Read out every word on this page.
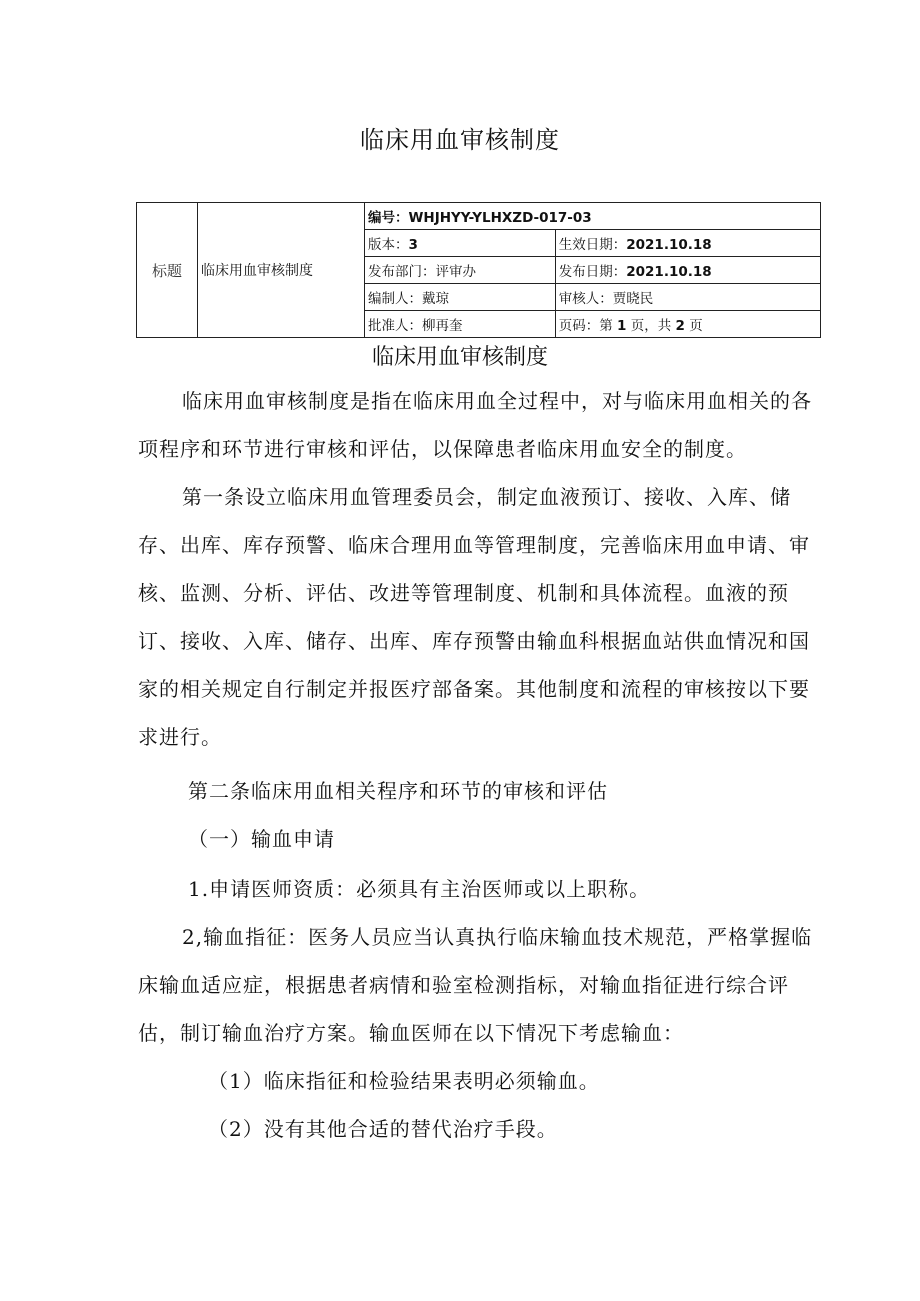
临床用血审核制度
标题	临床用血审核制度	编号：WHJHYY-YLHXZD-017-03	
		版本：3	生效日期：2021.10.18
		发布部门：评审办	发布日期：2021.10.18
		编制人：戴琼	审核人：贾晓民
		批准人：柳再奎	页码：第 1 页，共 2 页
临床用血审核制度
临床用血审核制度是指在临床用血全过程中，对与临床用血相关的各项程序和环节进行审核和评估，以保障患者临床用血安全的制度。
第一条设立临床用血管理委员会，制定血液预订、接收、入库、储存、出库、库存预警、临床合理用血等管理制度，完善临床用血申请、审核、监测、分析、评估、改进等管理制度、机制和具体流程。血液的预订、接收、入库、储存、出库、库存预警由输血科根据血站供血情况和国家的相关规定自行制定并报医疗部备案。其他制度和流程的审核按以下要求进行。
第二条临床用血相关程序和环节的审核和评估
（一）输血申请
1.申请医师资质：必须具有主治医师或以上职称。
2,输血指征：医务人员应当认真执行临床输血技术规范，严格掌握临床输血适应症，根据患者病情和验室检测指标，对输血指征进行综合评估，制订输血治疗方案。输血医师在以下情况下考虑输血：
（1）临床指征和检验结果表明必须输血。
（2）没有其他合适的替代治疗手段。
